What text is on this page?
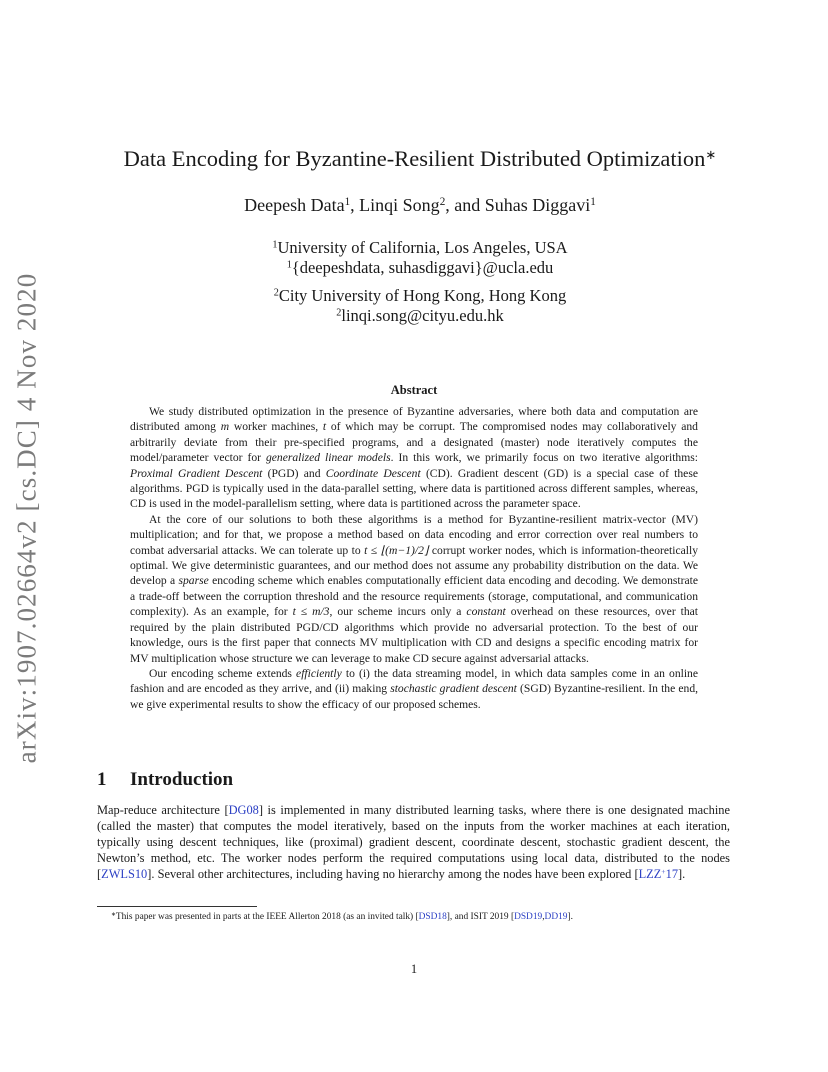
arXiv:1907.02664v2 [cs.DC] 4 Nov 2020
Data Encoding for Byzantine-Resilient Distributed Optimization∗
Deepesh Data$^1$, Linqi Song$^2$, and Suhas Diggavi$^1$
$^1$University of California, Los Angeles, USA
$^1${deepeshdata, suhasdiggavi}@ucla.edu
$^2$City University of Hong Kong, Hong Kong
$^2$linqi.song@cityu.edu.hk
Abstract

We study distributed optimization in the presence of Byzantine adversaries, where both data and computation are distributed among m worker machines, t of which may be corrupt. The compromised nodes may collaboratively and arbitrarily deviate from their pre-specified programs, and a designated (master) node iteratively computes the model/parameter vector for generalized linear models. In this work, we primarily focus on two iterative algorithms: Proximal Gradient Descent (PGD) and Coordinate Descent (CD). Gradient descent (GD) is a special case of these algorithms. PGD is typically used in the data-parallel setting, where data is partitioned across different samples, whereas, CD is used in the model-parallelism setting, where data is partitioned across the parameter space.

At the core of our solutions to both these algorithms is a method for Byzantine-resilient matrix-vector (MV) multiplication; and for that, we propose a method based on data encoding and error correction over real numbers to combat adversarial attacks. We can tolerate up to t ≤ ⌊(m−1)/2⌋ corrupt worker nodes, which is information-theoretically optimal. We give deterministic guarantees, and our method does not assume any probability distribution on the data. We develop a sparse encoding scheme which enables computationally efficient data encoding and decoding. We demonstrate a trade-off between the corruption threshold and the resource requirements (storage, computational, and communication complexity). As an example, for t ≤ m/3, our scheme incurs only a constant overhead on these resources, over that required by the plain distributed PGD/CD algorithms which provide no adversarial protection. To the best of our knowledge, ours is the first paper that connects MV multiplication with CD and designs a specific encoding matrix for MV multiplication whose structure we can leverage to make CD secure against adversarial attacks.

Our encoding scheme extends efficiently to (i) the data streaming model, in which data samples come in an online fashion and are encoded as they arrive, and (ii) making stochastic gradient descent (SGD) Byzantine-resilient. In the end, we give experimental results to show the efficacy of our proposed schemes.

1 Introduction

Map-reduce architecture [DG08] is implemented in many distributed learning tasks, where there is one designated machine (called the master) that computes the model iteratively, based on the inputs from the worker machines at each iteration, typically using descent techniques, like (proximal) gradient descent, coordinate descent, stochastic gradient descent, the Newton’s method, etc. The worker nodes perform the required computations using local data, distributed to the nodes [ZWLS10]. Several other architectures, including having no hierarchy among the nodes have been explored [LZZ+17].

∗This paper was presented in parts at the IEEE Allerton 2018 (as an invited talk) [DSD18], and ISIT 2019 [DSD19,DD19].
1
